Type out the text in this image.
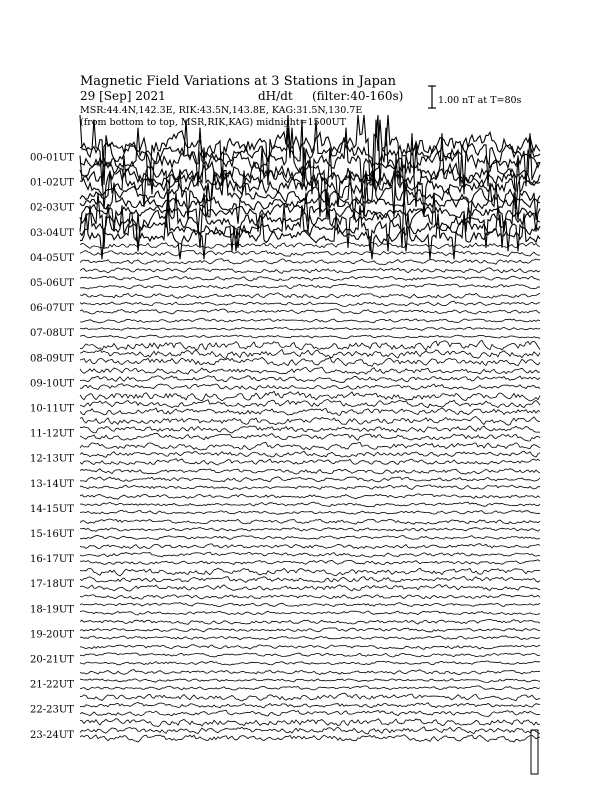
Magnetic Field Variations at 3 Stations in Japan
29 [Sep] 2021	dH/dt (filter:40-160s)	1.00 nT at T=80s
MSR:44.4N,142.3E, RIK:43.5N,143.8E, KAG:31.5N,130.7E
(from bottom to top, MSR,RIK,KAG) midnight=1500UT
00-01UT
01-02UT
02-03UT
03-04UT
04-05UT
05-06UT
06-07UT
07-08UT
08-09UT
09-10UT
10-11UT
11-12UT
12-13UT
13-14UT
14-15UT
15-16UT
16-17UT
17-18UT
18-19UT
19-20UT
20-21UT
21-22UT
22-23UT
23-24UT
